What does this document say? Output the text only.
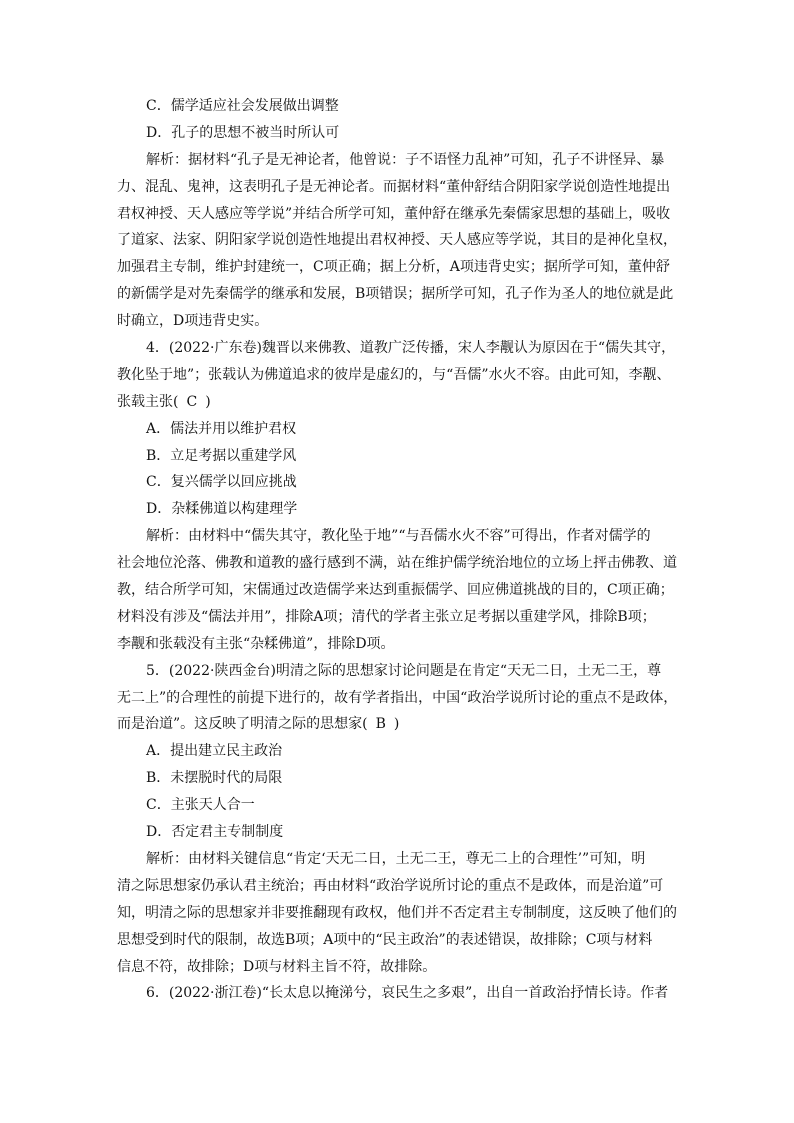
C．儒学适应社会发展做出调整
D．孔子的思想不被当时所认可
解析：据材料“孔子是无神论者，他曾说：子不语怪力乱神”可知，孔子不讲怪异、暴
力、混乱、鬼神，这表明孔子是无神论者。而据材料“董仲舒结合阴阳家学说创造性地提出
君权神授、天人感应等学说”并结合所学可知，董仲舒在继承先秦儒家思想的基础上，吸收
了道家、法家、阴阳家学说创造性地提出君权神授、天人感应等学说，其目的是神化皇权，
加强君主专制，维护封建统一，C项正确；据上分析，A项违背史实；据所学可知，董仲舒
的新儒学是对先秦儒学的继承和发展，B项错误；据所学可知，孔子作为圣人的地位就是此
时确立，D项违背史实。
4．(2022·广东卷)魏晋以来佛教、道教广泛传播，宋人李觏认为原因在于“儒失其守，
教化坠于地”；张载认为佛道追求的彼岸是虚幻的，与“吾儒”水火不容。由此可知，李觏、
张载主张( C )
A．儒法并用以维护君权
B．立足考据以重建学风
C．复兴儒学以回应挑战
D．杂糅佛道以构建理学
解析：由材料中“儒失其守，教化坠于地”“与吾儒水火不容”可得出，作者对儒学的
社会地位沦落、佛教和道教的盛行感到不满，站在维护儒学统治地位的立场上抨击佛教、道
教，结合所学可知，宋儒通过改造儒学来达到重振儒学、回应佛道挑战的目的，C项正确；
材料没有涉及“儒法并用”，排除A项；清代的学者主张立足考据以重建学风，排除B项；
李觏和张载没有主张“杂糅佛道”，排除D项。
5．(2022·陕西金台)明清之际的思想家讨论问题是在肯定“天无二日，土无二王，尊
无二上”的合理性的前提下进行的，故有学者指出，中国“政治学说所讨论的重点不是政体，
而是治道”。这反映了明清之际的思想家( B )
A．提出建立民主政治
B．未摆脱时代的局限
C．主张天人合一
D．否定君主专制制度
解析：由材料关键信息“肯定‘天无二日，土无二王，尊无二上的合理性’”可知，明
清之际思想家仍承认君主统治；再由材料“政治学说所讨论的重点不是政体，而是治道”可
知，明清之际的思想家并非要推翻现有政权，他们并不否定君主专制制度，这反映了他们的
思想受到时代的限制，故选B项；A项中的“民主政治”的表述错误，故排除；C项与材料
信息不符，故排除；D项与材料主旨不符，故排除。
6．(2022·浙江卷)“长太息以掩涕兮，哀民生之多艰”，出自一首政治抒情长诗。作者
